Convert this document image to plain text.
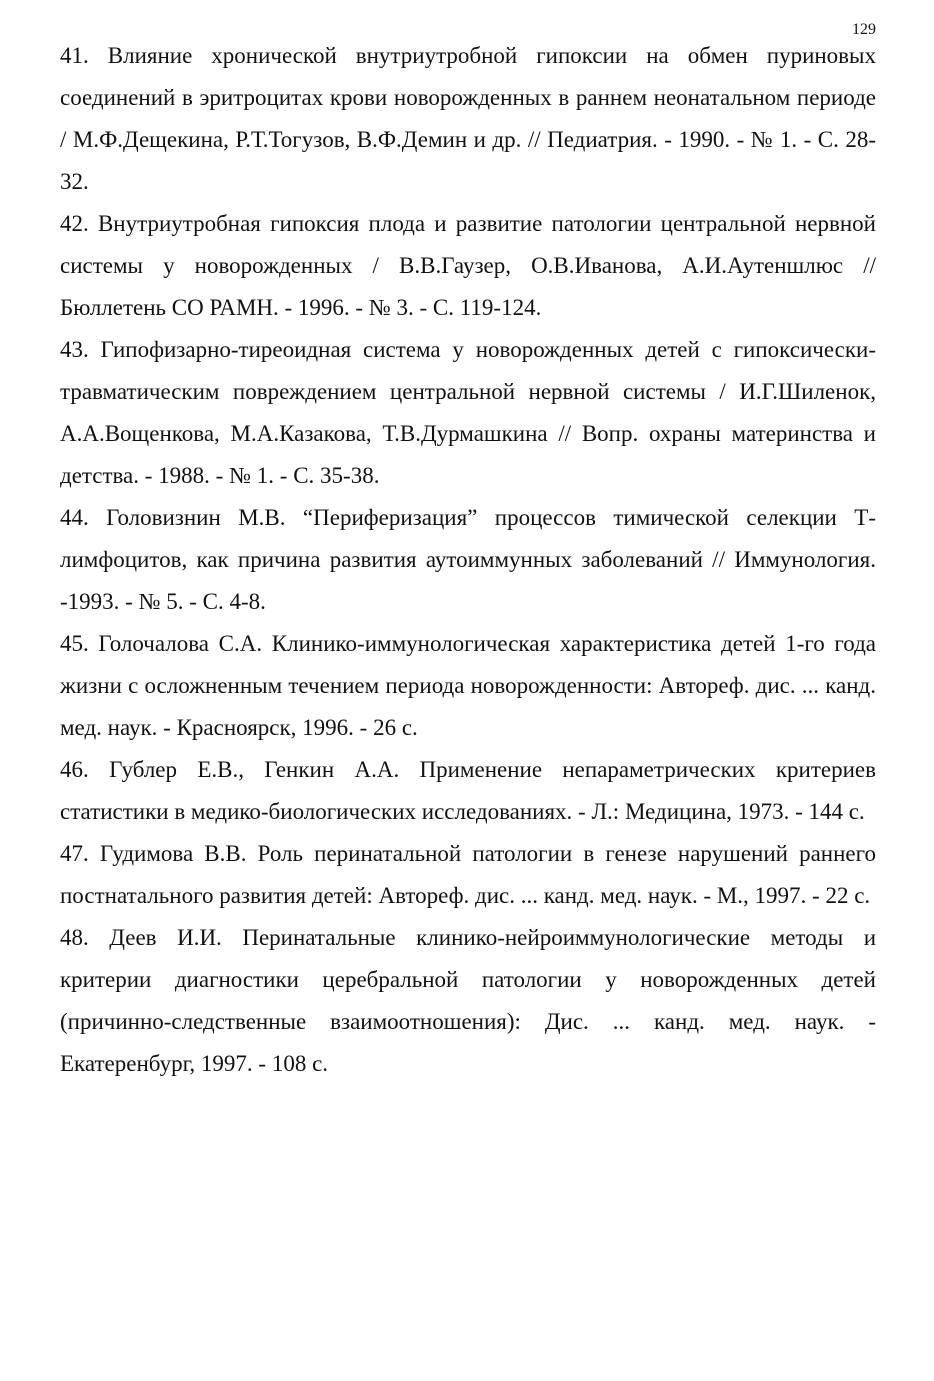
129
41. Влияние хронической внутриутробной гипоксии на обмен пуриновых соединений в эритроцитах крови новорожденных в раннем неонатальном периоде / М.Ф.Дещекина, Р.Т.Тогузов, В.Ф.Демин и др. // Педиатрия. - 1990. - № 1. - С. 28-32.
42. Внутриутробная гипоксия плода и развитие патологии центральной нервной системы у новорожденных / В.В.Гаузер, О.В.Иванова, А.И.Аутеншлюс // Бюллетень СО РАМН. - 1996. - № 3. - С. 119-124.
43. Гипофизарно-тиреоидная система у новорожденных детей с гипоксически-травматическим повреждением центральной нервной системы / И.Г.Шиленок, А.А.Вощенкова, М.А.Казакова, Т.В.Дурмашкина // Вопр. охраны материнства и детства. - 1988. - № 1. - С. 35-38.
44. Головизнин М.В. “Периферизация” процессов тимической селекции Т-лимфоцитов, как причина развития аутоиммунных заболеваний // Иммунология. -1993. - № 5. - С. 4-8.
45. Голочалова С.А. Клинико-иммунологическая характеристика детей 1-го года жизни с осложненным течением периода новорожденности: Автореф. дис. ... канд. мед. наук. - Красноярск, 1996. - 26 с.
46. Гублер Е.В., Генкин А.А. Применение непараметрических критериев статистики в медико-биологических исследованиях. - Л.: Медицина, 1973. - 144 с.
47. Гудимова В.В. Роль перинатальной патологии в генезе нарушений раннего постнатального развития детей: Автореф. дис. ... канд. мед. наук. - М., 1997. - 22 с.
48. Деев И.И. Перинатальные клинико-нейроиммунологические методы и критерии диагностики церебральной патологии у новорожденных детей (причинно-следственные взаимоотношения): Дис. ... канд. мед. наук. - Екатеренбург, 1997. - 108 с.
